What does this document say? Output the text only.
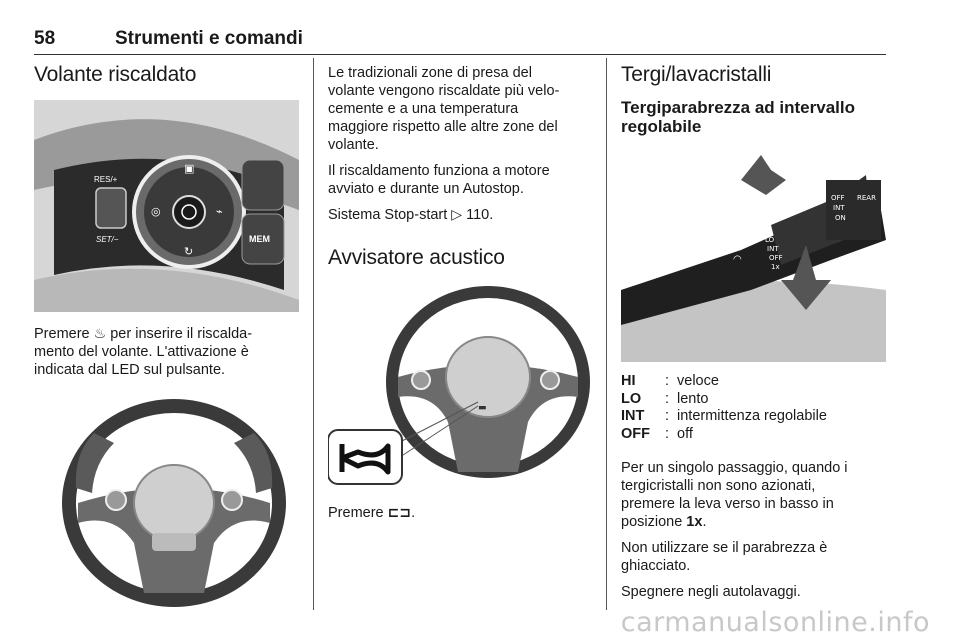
58	Strumenti e comandi
Volante riscaldato
▣
◎	⌁
↻
RES/+
SET/−	MEM

Premere ♨ per inserire il riscalda-
mento del volante. L'attivazione è
indicata dal LED sul pulsante.

Le tradizionali zone di presa del
volante vengono riscaldate più velo-
cemente e a una temperatura
maggiore rispetto alle altre zone del
volante.

Il riscaldamento funziona a motore
avviato e durante un Autostop.

Sistema Stop-start ▷ 110.

Avvisatore acustico
▬

Premere ⊏⊐.

Tergi/lavacristalli
Tergiparabrezza ad intervallo
regolabile
OFF
INT
ON
REAR
HI
LO
INT
OFF
1x
⌕
◠
HI	: veloce
LO	: lento
INT	: intermittenza regolabile
OFF	: off

Per un singolo passaggio, quando i
tergicristalli non sono azionati,
premere la leva verso in basso in
posizione 1x.

Non utilizzare se il parabrezza è
ghiacciato.

Spegnere negli autolavaggi.

carmanualsonline.info
